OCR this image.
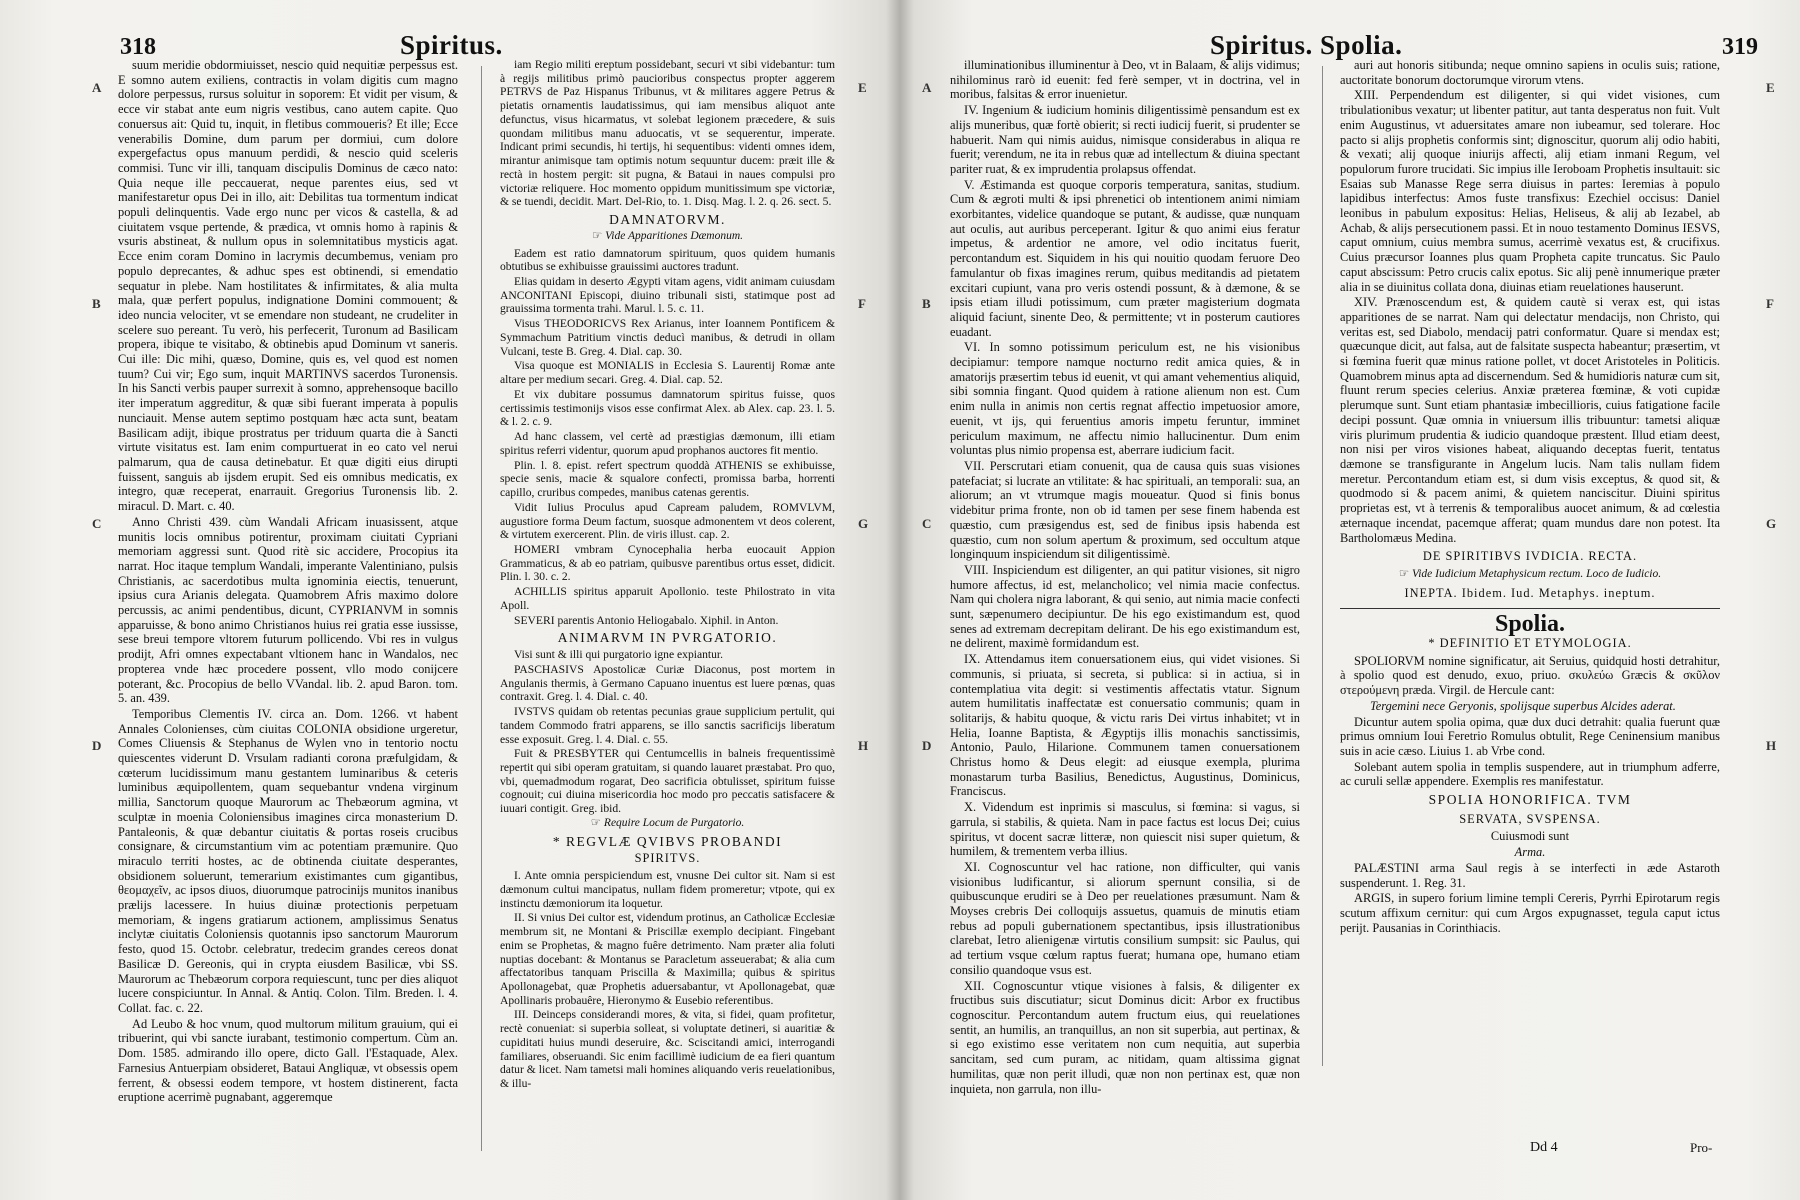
318	Spiritus.
A
B
C
D
E
F
G
H

suum meridie obdormiuisset, nescio quid nequitiæ perpessus est. E somno autem exiliens, contractis in volam digitis cum magno dolore perpessus, rursus soluitur in soporem: Et vidit per visum, & ecce vir stabat ante eum nigris vestibus, cano autem capite. Quo conuersus ait: Quid tu, inquit, in fletibus commoueris? Et ille; Ecce venerabilis Domine, dum parum per dormiui, cum dolore expergefactus opus manuum perdidi, & nescio quid sceleris commisi. Tunc vir illi, tanquam discipulis Dominus de cæco nato: Quia neque ille peccauerat, neque parentes eius, sed vt manifestaretur opus Dei in illo, ait: Debilitas tua tormentum indicat populi delinquentis. Vade ergo nunc per vicos & castella, & ad ciuitatem vsque pertende, & prædica, vt omnis homo à rapinis & vsuris abstineat, & nullum opus in solemnitatibus mysticis agat. Ecce enim coram Domino in lacrymis decumbemus, veniam pro populo deprecantes, & adhuc spes est obtinendi, si emendatio sequatur in plebe. Nam hostilitates & infirmitates, & alia multa mala, quæ perfert populus, indignatione Domini commouent; & ideo nuncia velociter, vt se emendare non studeant, ne crudeliter in scelere suo pereant. Tu verò, his perfecerit, Turonum ad Basilicam propera, ibique te visitabo, & obtinebis apud Dominum vt saneris. Cui ille: Dic mihi, quæso, Domine, quis es, vel quod est nomen tuum? Cui vir; Ego sum, inquit MARTINVS sacerdos Turonensis. In his Sancti verbis pauper surrexit à somno, apprehensoque bacillo iter imperatum aggreditur, & quæ sibi fuerant imperata à populis nunciauit. Mense autem septimo postquam hæc acta sunt, beatam Basilicam adijt, ibique prostratus per triduum quarta die à Sancti virtute visitatus est. Iam enim compurtuerat in eo cato vel nerui palmarum, qua de causa detinebatur. Et quæ digiti eius dirupti fuissent, sanguis ab ijsdem erupit. Sed eis omnibus medicatis, ex integro, quæ receperat, enarrauit. Gregorius Turonensis lib. 2. miracul. D. Mart. c. 40.

Anno Christi 439. cùm Wandali Africam inuasissent, atque munitis locis omnibus potirentur, proximam ciuitati Cypriani memoriam aggressi sunt. Quod ritè sic accidere, Procopius ita narrat. Hoc itaque templum Wandali, imperante Valentiniano, pulsis Christianis, ac sacerdotibus multa ignominia eiectis, tenuerunt, ipsius cura Arianis delegata. Quamobrem Afris maximo dolore percussis, ac animi pendentibus, dicunt, CYPRIANVM in somnis apparuisse, & bono animo Christianos huius rei gratia esse iussisse, sese breui tempore vltorem futurum pollicendo. Vbi res in vulgus prodijt, Afri omnes expectabant vltionem hanc in Wandalos, nec propterea vnde hæc procedere possent, vllo modo conijcere poterant, &c. Procopius de bello VVandal. lib. 2. apud Baron. tom. 5. an. 439.

Temporibus Clementis IV. circa an. Dom. 1266. vt habent Annales Colonienses, cùm ciuitas COLONIA obsidione urgeretur, Comes Cliuensis & Stephanus de Wylen vno in tentorio noctu quiescentes viderunt D. Vrsulam radianti corona præfulgidam, & cœterum lucidissimum manu gestantem luminaribus & ceteris luminibus æquipollentem, quam sequebantur vndena virginum millia, Sanctorum quoque Maurorum ac Thebæorum agmina, vt sculptæ in moenia Coloniensibus imagines circa monasterium D. Pantaleonis, & quæ debantur ciuitatis & portas roseis crucibus consignare, & circumstantium vim ac potentiam præmunire. Quo miraculo territi hostes, ac de obtinenda ciuitate desperantes, obsidionem soluerunt, temerarium existimantes cum gigantibus, θεομαχεῖν, ac ipsos diuos, diuorumque patrocinijs munitos inanibus prælijs lacessere. In huius diuinæ protectionis perpetuam memoriam, & ingens gratiarum actionem, amplissimus Senatus inclytæ ciuitatis Coloniensis quotannis ipso sanctorum Maurorum festo, quod 15. Octobr. celebratur, tredecim grandes cereos donat Basilicæ D. Gereonis, qui in crypta eiusdem Basilicæ, vbi SS. Maurorum ac Thebæorum corpora requiescunt, tunc per dies aliquot lucere conspiciuntur. In Annal. & Antiq. Colon. Tilm. Breden. l. 4. Collat. fac. c. 22.

Ad Leubo & hoc vnum, quod multorum militum grauium, qui ei tribuerint, qui vbi sancte iurabant, testimonio compertum. Cùm an. Dom. 1585. admirando illo opere, dicto Gall. l'Estaquade, Alex. Farnesius Antuerpiam obsideret, Bataui Angliquæ, vt obsessis opem ferrent, & obsessi eodem tempore, vt hostem distinerent, facta eruptione acerrimè pugnabant, aggeremque

iam Regio militi ereptum possidebant, securi vt sibi videbantur: tum à regijs militibus primò paucioribus conspectus propter aggerem PETRVS de Paz Hispanus Tribunus, vt & militares aggere Petrus & pietatis ornamentis laudatissimus, qui iam mensibus aliquot ante defunctus, visus hicarmatus, vt solebat legionem præcedere, & suis quondam militibus manu aduocatis, vt se sequerentur, imperate. Indicant primi secundis, hi tertijs, hi sequentibus: videnti omnes idem, mirantur animisque tam optimis notum sequuntur ducem: præit ille & rectà in hostem pergit: sit pugna, & Bataui in naues compulsi pro victoriæ reliquere. Hoc momento oppidum munitissimum spe victoriæ, & se tuendi, decidit. Mart. Del-Rio, to. 1. Disq. Mag. l. 2. q. 26. sect. 5.

DAMNATORVM.

☞ Vide Apparitiones Dæmonum.

Eadem est ratio damnatorum spirituum, quos quidem humanis obtutibus se exhibuisse grauissimi auctores tradunt.

Elias quidam in deserto Ægypti vitam agens, vidit animam cuiusdam ANCONITANI Episcopi, diuino tribunali sisti, statimque post ad grauissima tormenta trahi. Marul. l. 5. c. 11.

Visus THEODORICVS Rex Arianus, inter Ioannem Pontificem & Symmachum Patritium vinctis deducì manibus, & detrudi in ollam Vulcani, teste B. Greg. 4. Dial. cap. 30.

Visa quoque est MONIALIS in Ecclesia S. Laurentij Romæ ante altare per medium secari. Greg. 4. Dial. cap. 52.

Et vix dubitare possumus damnatorum spiritus fuisse, quos certissimis testimonijs visos esse confirmat Alex. ab Alex. cap. 23. l. 5. & l. 2. c. 9.

Ad hanc classem, vel certè ad præstigias dæmonum, illi etiam spiritus referri videntur, quorum apud prophanos auctores fit mentio.

Plin. l. 8. epist. refert spectrum quoddà ATHENIS se exhibuisse, specie senis, macie & squalore confecti, promissa barba, horrenti capillo, cruribus compedes, manibus catenas gerentis.

Vidit Iulius Proculus apud Capream paludem, ROMVLVM, augustiore forma Deum factum, suosque admonentem vt deos colerent, & virtutem exercerent. Plin. de viris illust. cap. 2.

HOMERI vmbram Cynocephalia herba euocauit Appion Grammaticus, & ab eo patriam, quibusve parentibus ortus esset, didicit. Plin. l. 30. c. 2.

ACHILLIS spiritus apparuit Apollonio. teste Philostrato in vita Apoll.

SEVERI parentis Antonio Heliogabalo. Xiphil. in Anton.

ANIMARVM IN PVRGATORIO.

Visi sunt & illi qui purgatorio igne expiantur.

PASCHASIVS Apostolicæ Curiæ Diaconus, post mortem in Angulanis thermis, à Germano Capuano inuentus est luere pœnas, quas contraxit. Greg. l. 4. Dial. c. 40.

IVSTVS quidam ob retentas pecunias graue supplicium pertulit, qui tandem Commodo fratri apparens, se illo sanctis sacrificijs liberatum esse exposuit. Greg. l. 4. Dial. c. 55.

Fuit & PRESBYTER qui Centumcellis in balneis frequentissimè repertit qui sibi operam gratuitam, si quando lauaret præstabat. Pro quo, vbi, quemadmodum rogarat, Deo sacrificia obtulisset, spiritum fuisse cognouit; cui diuina misericordia hoc modo pro peccatis satisfacere & iuuari contigit. Greg. ibid.

☞ Require Locum de Purgatorio.

* REGVLÆ QVIBVS PROBANDI

SPIRITVS.

I. Ante omnia perspiciendum est, vnusne Dei cultor sit. Nam si est dæmonum cultui mancipatus, nullam fidem promeretur; vtpote, qui ex instinctu dæmoniorum ita loquetur.

II. Si vnius Dei cultor est, videndum protinus, an Catholicæ Ecclesiæ membrum sit, ne Montani & Priscillæ exemplo decipiant. Fingebant enim se Prophetas, & magno fuêre detrimento. Nam præter alia foluti nuptias docebant: & Montanus se Paracletum asseuerabat; & alia cum affectatoribus tanquam Priscilla & Maximilla; quibus & spiritus Apollonagebat, quæ Prophetis aduersabantur, vt Apollonagebat, quæ Apollinaris probauêre, Hieronymo & Eusebio referentibus.

III. Deinceps considerandi mores, & vita, si fidei, quam profitetur, rectè conueniat: si superbia solleat, si voluptate detineri, si auaritiæ & cupiditati huius mundi deseruire, &c. Sciscitandi amici, interrogandi familiares, obseruandi. Sic enim facillimè iudicium de ea fieri quantum datur & licet. Nam tametsi mali homines aliquando veris reuelationibus, & illu-

Spiritus. Spolia.	319
A
B
C
D
E
F
G
H

illuminationibus illuminentur à Deo, vt in Balaam, & alijs vidimus; nihilominus rarò id euenit: fed ferè semper, vt in doctrina, vel in moribus, falsitas & error inuenietur.

IV. Ingenium & iudicium hominis diligentissimè pensandum est ex alijs muneribus, quæ fortè obierit; si recti iudicij fuerit, si prudenter se habuerit. Nam qui nimis auidus, nimisque considerabus in aliqua re fuerit; verendum, ne ita in rebus quæ ad intellectum & diuina spectant pariter ruat, & ex imprudentia prolapsus offendat.

V. Æstimanda est quoque corporis temperatura, sanitas, studium. Cum & ægroti multi & ipsi phrenetici ob intentionem animi nimiam exorbitantes, videlice quandoque se putant, & audisse, quæ nunquam aut oculis, aut auribus perceperant. Igitur & quo animi eius feratur impetus, & ardentior ne amore, vel odio incitatus fuerit, percontandum est. Siquidem in his qui nouitio quodam feruore Deo famulantur ob fixas imagines rerum, quibus meditandis ad pietatem excitari cupiunt, vana pro veris ostendi possunt, & à dæmone, & se ipsis etiam illudi potissimum, cum præter magisterium dogmata aliquid faciunt, sinente Deo, & permittente; vt in posterum cautiores euadant.

VI. In somno potissimum periculum est, ne his visionibus decipiamur: tempore namque nocturno redit amica quies, & in amatorijs præsertim tebus id euenit, vt qui amant vehementius aliquid, sibi somnia fingant. Quod quidem à ratione alienum non est. Cum enim nulla in animis non certis regnat affectio impetuosior amore, euenit, vt ijs, qui feruentius amoris impetu feruntur, imminet periculum maximum, ne affectu nimio hallucinentur. Dum enim voluntas plus nimio propensa est, aberrare iudicium facit.

VII. Perscrutari etiam conuenit, qua de causa quis suas visiones patefaciat; si lucrate an vtilitate: & hac spirituali, an temporali: sua, an aliorum; an vt vtrumque magis moueatur. Quod si finis bonus videbitur prima fronte, non ob id tamen per sese finem habenda est quæstio, cum præsigendus est, sed de finibus ipsis habenda est quæstio, cum non solum apertum & proximum, sed occultum atque longinquum inspiciendum sit diligentissimè.

VIII. Inspiciendum est diligenter, an qui patitur visiones, sit nigro humore affectus, id est, melancholico; vel nimia macie confectus. Nam qui cholera nigra laborant, & qui senio, aut nimia macie confecti sunt, sæpenumero decipiuntur. De his ego existimandum est, quod senes ad extremam decrepitam delirant. De his ego existimandum est, ne delirent, maximè formidandum est.

IX. Attendamus item conuersationem eius, qui videt visiones. Si communis, si priuata, si secreta, si publica: si in actiua, si in contemplatiua vita degit: si vestimentis affectatis vtatur. Signum autem humilitatis inaffectatæ est conuersatio communis; quam in solitarijs, & habitu quoque, & victu raris Dei virtus inhabitet; vt in Helia, Ioanne Baptista, & Ægyptijs illis monachis sanctissimis, Antonio, Paulo, Hilarione. Communem tamen conuersationem Christus homo & Deus elegit: ad eiusque exempla, plurima monastarum turba Basilius, Benedictus, Augustinus, Dominicus, Franciscus.

X. Videndum est inprimis si masculus, si fœmina: si vagus, si garrula, si stabilis, & quieta. Nam in pace factus est locus Dei; cuius spiritus, vt docent sacræ litteræ, non quiescit nisi super quietum, & humilem, & trementem verba illius.

XI. Cognoscuntur vel hac ratione, non difficulter, qui vanis visionibus ludificantur, si aliorum spernunt consilia, si de quibuscunque erudiri se à Deo per reuelationes præsumunt. Nam & Moyses crebris Dei colloquijs assuetus, quamuis de minutis etiam rebus ad populi gubernationem spectantibus, ipsis illustrationibus clarebat, Ietro alienigenæ virtutis consilium sumpsit: sic Paulus, qui ad tertium vsque cœlum raptus fuerat; humana ope, humano etiam consilio quandoque vsus est.

XII. Cognoscuntur vtique visiones à falsis, & diligenter ex fructibus suis discutiatur; sicut Dominus dicit: Arbor ex fructibus cognoscitur. Percontandum autem fructum eius, qui reuelationes sentit, an humilis, an tranquillus, an non sit superbia, aut pertinax, & si ego existimo esse veritatem non cum nequitia, aut superbia sancitam, sed cum puram, ac nitidam, quam altissima gignat humilitas, quæ non perit illudi, quæ non non pertinax est, quæ non inquieta, non garrula, non illu-

auri aut honoris sitibunda; neque omnino sapiens in oculis suis; ratione, auctoritate bonorum doctorumque virorum vtens.

XIII. Perpendendum est diligenter, si qui videt visiones, cum tribulationibus vexatur; ut libenter patitur, aut tanta desperatus non fuit. Vult enim Augustinus, vt aduersitates amare non iubeamur, sed tolerare. Hoc pacto si alijs prophetis conformis sint; dignoscitur, quorum alij odio habiti, & vexati; alij quoque iniurijs affecti, alij etiam inmani Regum, vel populorum furore trucidati. Sic impius ille Ieroboam Prophetis insultauit: sic Esaias sub Manasse Rege serra diuisus in partes: Ieremias à populo lapidibus interfectus: Amos fuste transfixus: Ezechiel occisus: Daniel leonibus in pabulum expositus: Helias, Heliseus, & alij ab Iezabel, ab Achab, & alijs persecutionem passi. Et in nouo testamento Dominus IESVS, caput omnium, cuius membra sumus, acerrimè vexatus est, & crucifixus. Cuius præcursor Ioannes plus quam Propheta capite truncatus. Sic Paulo caput abscissum: Petro crucis calix epotus. Sic alij penè innumerique præter alia in se diuinitus collata dona, diuinas etiam reuelationes hauserunt.

XIV. Prænoscendum est, & quidem cautè si verax est, qui istas apparitiones de se narrat. Nam qui delectatur mendacijs, non Christo, qui veritas est, sed Diabolo, mendacij patri conformatur. Quare si mendax est; quæcunque dicit, aut falsa, aut de falsitate suspecta habeantur; præsertim, vt si fœmina fuerit quæ minus ratione pollet, vt docet Aristoteles in Politicis. Quamobrem minus apta ad discernendum. Sed & humidioris naturæ cum sit, fluunt rerum species celerius. Anxiæ præterea fœminæ, & voti cupidæ plerumque sunt. Sunt etiam phantasiæ imbecillioris, cuius fatigatione facile decipi possunt. Quæ omnia in vniuersum illis tribuuntur: tametsi aliquæ viris plurimum prudentia & iudicio quandoque præstent. Illud etiam deest, non nisi per viros visiones habeat, aliquando deceptas fuerit, tentatus dæmone se transfigurante in Angelum lucis. Nam talis nullam fidem meretur. Percontandum etiam est, si dum visis exceptus, & quod sit, & quodmodo si & pacem animi, & quietem nanciscitur. Diuini spiritus proprietas est, vt à terrenis & temporalibus auocet animum, & ad cœlestia æternaque incendat, pacemque afferat; quam mundus dare non potest. Ita Bartholomæus Medina.

DE SPIRITIBVS IVDICIA. RECTA.

☞ Vide Iudicium Metaphysicum rectum. Loco de Iudicio.

INEPTA. Ibidem. Iud. Metaphys. ineptum.

Spolia.

* DEFINITIO ET ETYMOLOGIA.

SPOLIORVM nomine significatur, ait Seruius, quidquid hosti detrahitur, à spolio quod est denudo, exuo, priuo. σκυλεύω Græcis & σκῦλον στερούμενη præda. Virgil. de Hercule cant:

Tergemini nece Geryonis, spolijsque superbus Alcides aderat.

Dicuntur autem spolia opima, quæ dux duci detrahit: qualia fuerunt quæ primus omnium Ioui Feretrio Romulus obtulit, Rege Ceninensium manibus suis in acie cæso. Liuius 1. ab Vrbe cond.

Solebant autem spolia in templis suspendere, aut in triumphum adferre, ac curuli sellæ appendere. Exemplis res manifestatur.

SPOLIA HONORIFICA. TVM

SERVATA, SVSPENSA.

Cuiusmodi sunt

Arma.

PALÆSTINI arma Saul regis à se interfecti in æde Astaroth suspenderunt. 1. Reg. 31.

ARGIS, in supero forium limine templi Cereris, Pyrrhi Epirotarum regis scutum affixum cernitur: qui cum Argos expugnasset, tegula caput ictus perijt. Pausanias in Corinthiacis.

Dd 4	Pro-
